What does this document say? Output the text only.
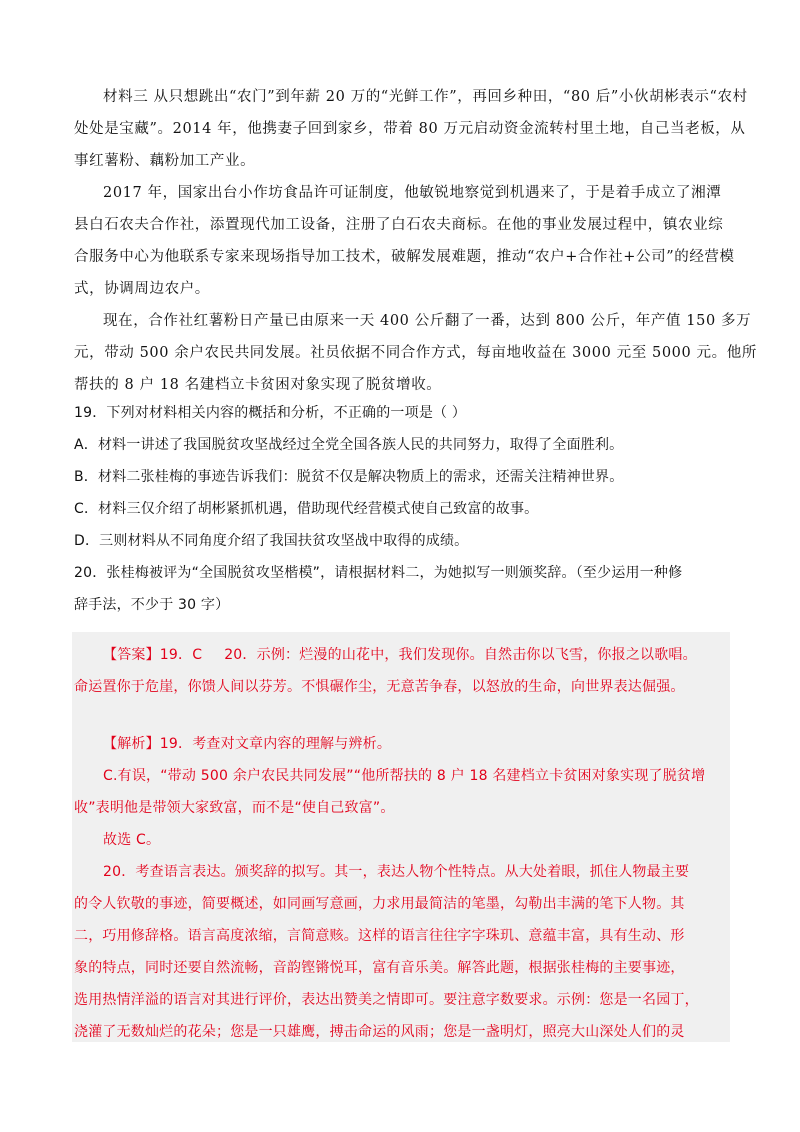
材料三 从只想跳出“农门”到年薪 20 万的“光鲜工作”，再回乡种田，“80 后”小伙胡彬表示“农村
处处是宝藏”。2014 年，他携妻子回到家乡，带着 80 万元启动资金流转村里土地，自己当老板，从
事红薯粉、藕粉加工产业。
2017 年，国家出台小作坊食品许可证制度，他敏锐地察觉到机遇来了，于是着手成立了湘潭
县白石农夫合作社，添置现代加工设备，注册了白石农夫商标。在他的事业发展过程中，镇农业综
合服务中心为他联系专家来现场指导加工技术，破解发展难题，推动“农户+合作社+公司”的经营模
式，协调周边农户。
现在，合作社红薯粉日产量已由原来一天 400 公斤翻了一番，达到 800 公斤，年产值 150 多万
元，带动 500 余户农民共同发展。社员依据不同合作方式，每亩地收益在 3000 元至 5000 元。他所
帮扶的 8 户 18 名建档立卡贫困对象实现了脱贫增收。
19．下列对材料相关内容的概括和分析，不正确的一项是（ ）
A．材料一讲述了我国脱贫攻坚战经过全党全国各族人民的共同努力，取得了全面胜利。
B．材料二张桂梅的事迹告诉我们：脱贫不仅是解决物质上的需求，还需关注精神世界。
C．材料三仅介绍了胡彬紧抓机遇，借助现代经营模式使自己致富的故事。
D．三则材料从不同角度介绍了我国扶贫攻坚战中取得的成绩。
20．张桂梅被评为“全国脱贫攻坚楷模”，请根据材料二，为她拟写一则颁奖辞。（至少运用一种修
辞手法，不少于 30 字）
【答案】19．C 20．示例：烂漫的山花中，我们发现你。自然击你以飞雪，你报之以歌唱。
命运置你于危崖，你馈人间以芬芳。不惧碾作尘，无意苦争春，以怒放的生命，向世界表达倔强。
【解析】19．考查对文章内容的理解与辨析。
C.有误，“带动 500 余户农民共同发展”“他所帮扶的 8 户 18 名建档立卡贫困对象实现了脱贫增
收”表明他是带领大家致富，而不是“使自己致富”。
故选 C。
20．考查语言表达。颁奖辞的拟写。其一，表达人物个性特点。从大处着眼，抓住人物最主要
的令人钦敬的事迹，简要概述，如同画写意画，力求用最简洁的笔墨，勾勒出丰满的笔下人物。其
二，巧用修辞格。语言高度浓缩，言简意赅。这样的语言往往字字珠玑、意蕴丰富，具有生动、形
象的特点，同时还要自然流畅，音韵铿锵悦耳，富有音乐美。解答此题，根据张桂梅的主要事迹，
选用热情洋溢的语言对其进行评价，表达出赞美之情即可。要注意字数要求。示例：您是一名园丁，
浇灌了无数灿烂的花朵；您是一只雄鹰，搏击命运的风雨；您是一盏明灯，照亮大山深处人们的灵
